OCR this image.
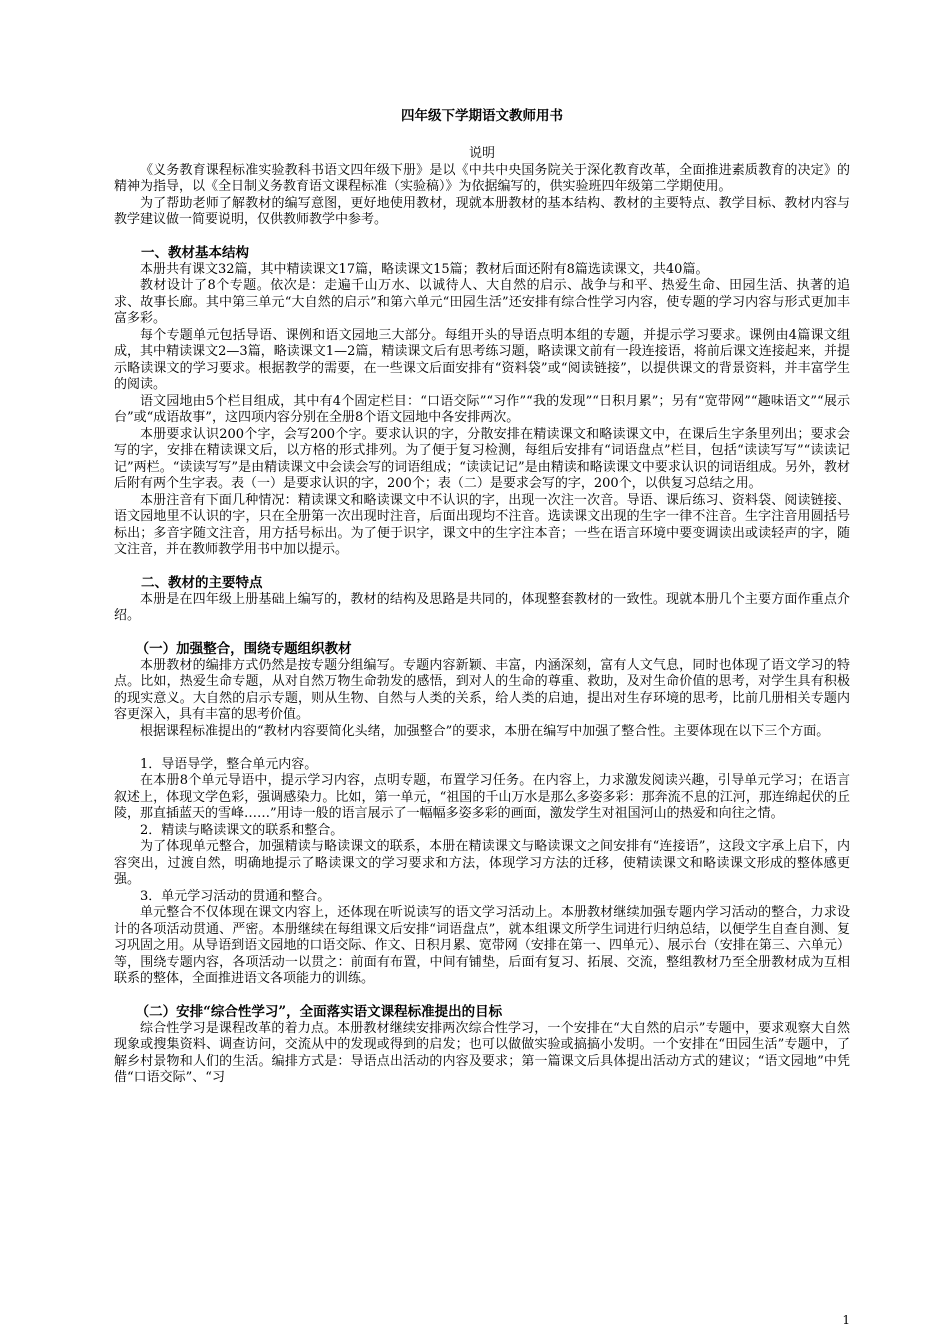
四年级下学期语文教师用书
说明

《义务教育课程标准实验教科书语文四年级下册》是以《中共中央国务院关于深化教育改革，全面推进素质教育的决定》的精神为指导，以《全日制义务教育语文课程标准（实验稿）》为依据编写的，供实验班四年级第二学期使用。

为了帮助老师了解教材的编写意图，更好地使用教材，现就本册教材的基本结构、教材的主要特点、教学目标、教材内容与教学建议做一简要说明，仅供教师教学中参考。

一、教材基本结构

本册共有课文32篇，其中精读课文17篇，略读课文15篇；教材后面还附有8篇选读课文，共40篇。

教材设计了8个专题。依次是：走遍千山万水、以诚待人、大自然的启示、战争与和平、热爱生命、田园生活、执著的追求、故事长廊。其中第三单元“大自然的启示”和第六单元“田园生活”还安排有综合性学习内容，使专题的学习内容与形式更加丰富多彩。

每个专题单元包括导语、课例和语文园地三大部分。每组开头的导语点明本组的专题，并提示学习要求。课例由4篇课文组成，其中精读课文2—3篇，略读课文1—2篇，精读课文后有思考练习题，略读课文前有一段连接语，将前后课文连接起来，并提示略读课文的学习要求。根据教学的需要，在一些课文后面安排有“资料袋”或“阅读链接”，以提供课文的背景资料，并丰富学生的阅读。

语文园地由5个栏目组成，其中有4个固定栏目：“口语交际”“习作”“我的发现”“日积月累”；另有“宽带网”“趣味语文”“展示台”或“成语故事”，这四项内容分别在全册8个语文园地中各安排两次。

本册要求认识200个字，会写200个字。要求认识的字，分散安排在精读课文和略读课文中，在课后生字条里列出；要求会写的字，安排在精读课文后，以方格的形式排列。为了便于复习检测，每组后安排有“词语盘点”栏目，包括“读读写写”“读读记记”两栏。“读读写写”是由精读课文中会读会写的词语组成；“读读记记”是由精读和略读课文中要求认识的词语组成。另外，教材后附有两个生字表。表（一）是要求认识的字，200个；表（二）是要求会写的字，200个，以供复习总结之用。

本册注音有下面几种情况：精读课文和略读课文中不认识的字，出现一次注一次音。导语、课后练习、资料袋、阅读链接、语文园地里不认识的字，只在全册第一次出现时注音，后面出现均不注音。选读课文出现的生字一律不注音。生字注音用圆括号标出；多音字随文注音，用方括号标出。为了便于识字，课文中的生字注本音；一些在语言环境中要变调读出或读轻声的字，随文注音，并在教师教学用书中加以提示。

二、教材的主要特点

本册是在四年级上册基础上编写的，教材的结构及思路是共同的，体现整套教材的一致性。现就本册几个主要方面作重点介绍。

（一）加强整合，围绕专题组织教材

本册教材的编排方式仍然是按专题分组编写。专题内容新颖、丰富，内涵深刻，富有人文气息，同时也体现了语文学习的特点。比如，热爱生命专题，从对自然万物生命勃发的感悟，到对人的生命的尊重、救助，及对生命价值的思考，对学生具有积极的现实意义。大自然的启示专题，则从生物、自然与人类的关系，给人类的启迪，提出对生存环境的思考，比前几册相关专题内容更深入，具有丰富的思考价值。

根据课程标准提出的“教材内容要简化头绪，加强整合”的要求，本册在编写中加强了整合性。主要体现在以下三个方面。

1．导语导学，整合单元内容。

在本册8个单元导语中，提示学习内容，点明专题，布置学习任务。在内容上，力求激发阅读兴趣，引导单元学习；在语言叙述上，体现文学色彩，强调感染力。比如，第一单元，“祖国的千山万水是那么多姿多彩：那奔流不息的江河，那连绵起伏的丘陵，那直插蓝天的雪峰……”用诗一般的语言展示了一幅幅多姿多彩的画面，激发学生对祖国河山的热爱和向往之情。

2．精读与略读课文的联系和整合。

为了体现单元整合，加强精读与略读课文的联系，本册在精读课文与略读课文之间安排有“连接语”，这段文字承上启下，内容突出，过渡自然，明确地提示了略读课文的学习要求和方法，体现学习方法的迁移，使精读课文和略读课文形成的整体感更强。

3．单元学习活动的贯通和整合。

单元整合不仅体现在课文内容上，还体现在听说读写的语文学习活动上。本册教材继续加强专题内学习活动的整合，力求设计的各项活动贯通、严密。本册继续在每组课文后安排“词语盘点”，就本组课文所学生词进行归纳总结，以便学生自查自测、复习巩固之用。从导语到语文园地的口语交际、作文、日积月累、宽带网（安排在第一、四单元）、展示台（安排在第三、六单元）等，围绕专题内容，各项活动一以贯之：前面有布置，中间有铺垫，后面有复习、拓展、交流，整组教材乃至全册教材成为互相联系的整体，全面推进语文各项能力的训练。

（二）安排“综合性学习”，全面落实语文课程标准提出的目标

综合性学习是课程改革的着力点。本册教材继续安排两次综合性学习，一个安排在“大自然的启示”专题中，要求观察大自然现象或搜集资料、调查访问，交流从中的发现或得到的启发；也可以做做实验或搞搞小发明。一个安排在“田园生活”专题中，了解乡村景物和人们的生活。编排方式是：导语点出活动的内容及要求；第一篇课文后具体提出活动方式的建议；“语文园地”中凭借“口语交际”、“习

1
